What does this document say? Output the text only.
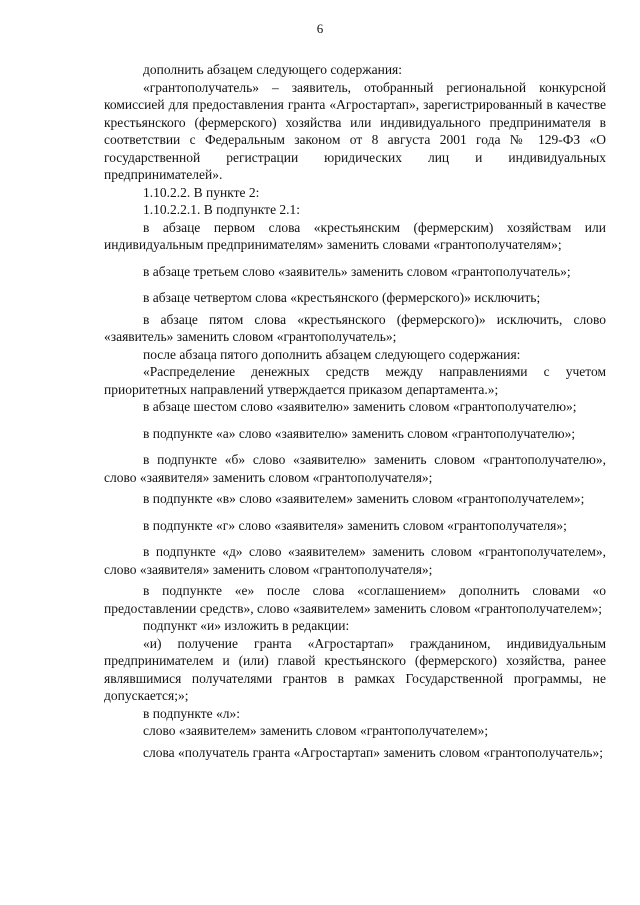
6

дополнить абзацем следующего содержания:

«грантополучатель» – заявитель, отобранный региональной конкурсной комиссией для предоставления гранта «Агростартап», зарегистрированный в качестве крестьянского (фермерского) хозяйства или индивидуального предпринимателя в соответствии с Федеральным законом от 8 августа 2001 года № 129-ФЗ «О государственной регистрации юридических лиц и индивидуальных предпринимателей».

1.10.2.2. В пункте 2:

1.10.2.2.1. В подпункте 2.1:

в абзаце первом слова «крестьянским (фермерским) хозяйствам или индивидуальным предпринимателям» заменить словами «грантополучателям»;

в абзаце третьем слово «заявитель» заменить словом «грантополучатель»;

в абзаце четвертом слова «крестьянского (фермерского)» исключить;

в абзаце пятом слова «крестьянского (фермерского)» исключить, слово «заявитель» заменить словом «грантополучатель»;

после абзаца пятого дополнить абзацем следующего содержания:

«Распределение денежных средств между направлениями с учетом приоритетных направлений утверждается приказом департамента.»;

в абзаце шестом слово «заявителю» заменить словом «грантополучателю»;

в подпункте «а» слово «заявителю» заменить словом «грантополучателю»;

в подпункте «б» слово «заявителю» заменить словом «грантополучателю», слово «заявителя» заменить словом «грантополучателя»;

в подпункте «в» слово «заявителем» заменить словом «грантополучателем»;

в подпункте «г» слово «заявителя» заменить словом «грантополучателя»;

в подпункте «д» слово «заявителем» заменить словом «грантополучателем», слово «заявителя» заменить словом «грантополучателя»;

в подпункте «е» после слова «соглашением» дополнить словами «о предоставлении средств», слово «заявителем» заменить словом «грантополучателем»;

подпункт «и» изложить в редакции:

«и) получение гранта «Агростартап» гражданином, индивидуальным предпринимателем и (или) главой крестьянского (фермерского) хозяйства, ранее являвшимися получателями грантов в рамках Государственной программы, не допускается;»;

в подпункте «л»:

слово «заявителем» заменить словом «грантополучателем»;

слова «получатель гранта «Агростартап» заменить словом «грантополучатель»;
